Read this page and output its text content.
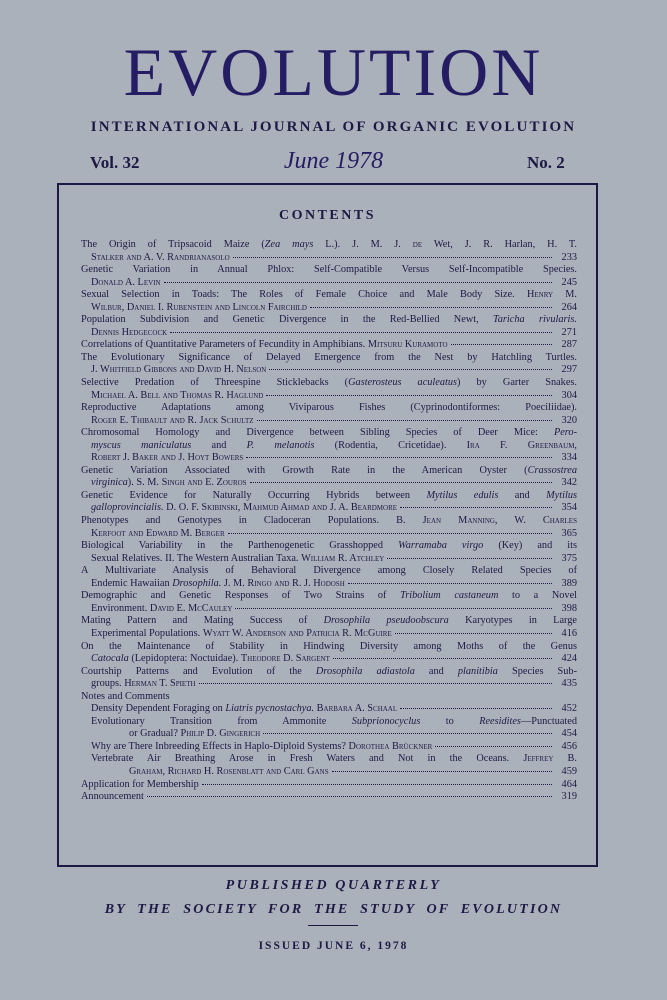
EVOLUTION
INTERNATIONAL JOURNAL OF ORGANIC EVOLUTION
Vol. 32	June 1978	No. 2
CONTENTS
The Origin of Tripsacoid Maize (Zea mays L.). J. M. J. de Wet, J. R. Harlan, H. T.
Stalker and A. V. Randrianasolo	233
Genetic Variation in Annual Phlox: Self-Compatible Versus Self-Incompatible Species.
Donald A. Levin	245
Sexual Selection in Toads: The Roles of Female Choice and Male Body Size. Henry M.
Wilbur, Daniel I. Rubenstein and Lincoln Fairchild	264
Population Subdivision and Genetic Divergence in the Red-Bellied Newt, Taricha rivularis.
Dennis Hedgecock	271
Correlations of Quantitative Parameters of Fecundity in Amphibians. Mitsuru Kuramoto	287
The Evolutionary Significance of Delayed Emergence from the Nest by Hatchling Turtles.
J. Whitfield Gibbons and David H. Nelson	297
Selective Predation of Threespine Sticklebacks (Gasterosteus aculeatus) by Garter Snakes.
Michael A. Bell and Thomas R. Haglund	304
Reproductive Adaptations among Viviparous Fishes (Cyprinodontiformes: Poeciliidae).
Roger E. Thibault and R. Jack Schultz	320
Chromosomal Homology and Divergence between Sibling Species of Deer Mice: Pero-
myscus maniculatus and P. melanotis (Rodentia, Cricetidae). Ira F. Greenbaum,
Robert J. Baker and J. Hoyt Bowers	334
Genetic Variation Associated with Growth Rate in the American Oyster (Crassostrea
virginica). S. M. Singh and E. Zouros	342
Genetic Evidence for Naturally Occurring Hybrids between Mytilus edulis and Mytilus
galloprovincialis. D. O. F. Skibinski, Mahmud Ahmad and J. A. Beardmore	354
Phenotypes and Genotypes in Cladoceran Populations. B. Jean Manning, W. Charles
Kerfoot and Edward M. Berger	365
Biological Variability in the Parthenogenetic Grasshopped Warramaba virgo (Key) and its
Sexual Relatives. II. The Western Australian Taxa. William R. Atchley	375
A Multivariate Analysis of Behavioral Divergence among Closely Related Species of
Endemic Hawaiian Drosophila. J. M. Ringo and R. J. Hodosh	389
Demographic and Genetic Responses of Two Strains of Tribolium castaneum to a Novel
Environment. David E. McCauley	398
Mating Pattern and Mating Success of Drosophila pseudoobscura Karyotypes in Large
Experimental Populations. Wyatt W. Anderson and Patricia R. McGuire	416
On the Maintenance of Stability in Hindwing Diversity among Moths of the Genus
Catocala (Lepidoptera: Noctuidae). Theodore D. Sargent	424
Courtship Patterns and Evolution of the Drosophila adiastola and planitibia Species Sub-
groups. Herman T. Spieth	435
Notes and Comments
Density Dependent Foraging on Liatris pycnostachya. Barbara A. Schaal	452
Evolutionary Transition from Ammonite Subprionocyclus to Reesidites—Punctuated
or Gradual? Philip D. Gingerich	454
Why are There Inbreeding Effects in Haplo-Diploid Systems? Dorothea Brückner	456
Vertebrate Air Breathing Arose in Fresh Waters and Not in the Oceans. Jeffrey B.
Graham, Richard H. Rosenblatt and Carl Gans	459
Application for Membership	464
Announcement	319
PUBLISHED QUARTERLY
BY THE SOCIETY FOR THE STUDY OF EVOLUTION
ISSUED JUNE 6, 1978
